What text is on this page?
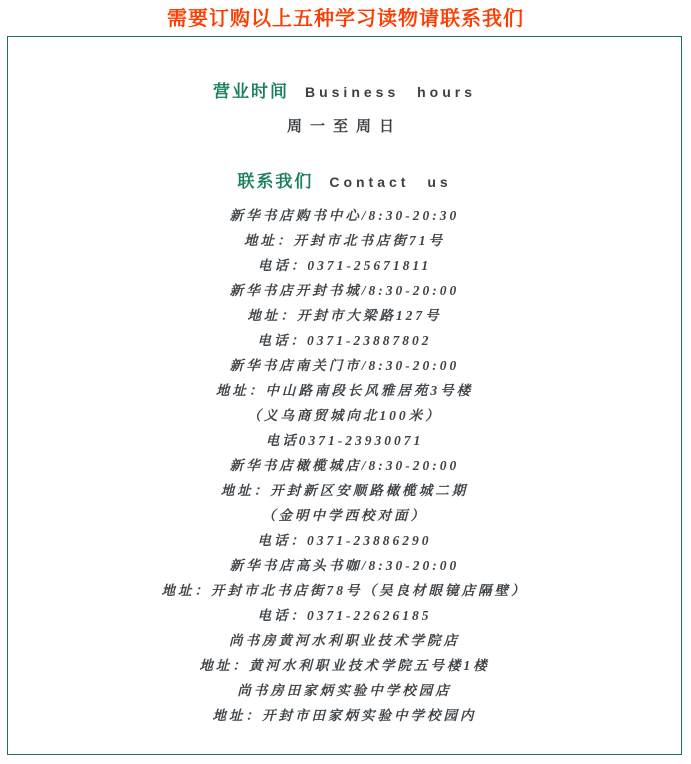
需要订购以上五种学习读物请联系我们
营业时间 Business hours
周一至周日
联系我们 Contact us
新华书店购书中心/8:30-20:30
地址：开封市北书店街71号
电话：0371-25671811
新华书店开封书城/8:30-20:00
地址：开封市大梁路127号
电话：0371-23887802
新华书店南关门市/8:30-20:00
地址：中山路南段长风雅居苑3号楼
（义乌商贸城向北100米）
电话0371-23930071
新华书店橄榄城店/8:30-20:00
地址：开封新区安顺路橄榄城二期
（金明中学西校对面）
电话：0371-23886290
新华书店高头书咖/8:30-20:00
地址：开封市北书店街78号（吴良材眼镜店隔壁）
电话：0371-22626185
尚书房黄河水利职业技术学院店
地址：黄河水利职业技术学院五号楼1楼
尚书房田家炳实验中学校园店
地址：开封市田家炳实验中学校园内
